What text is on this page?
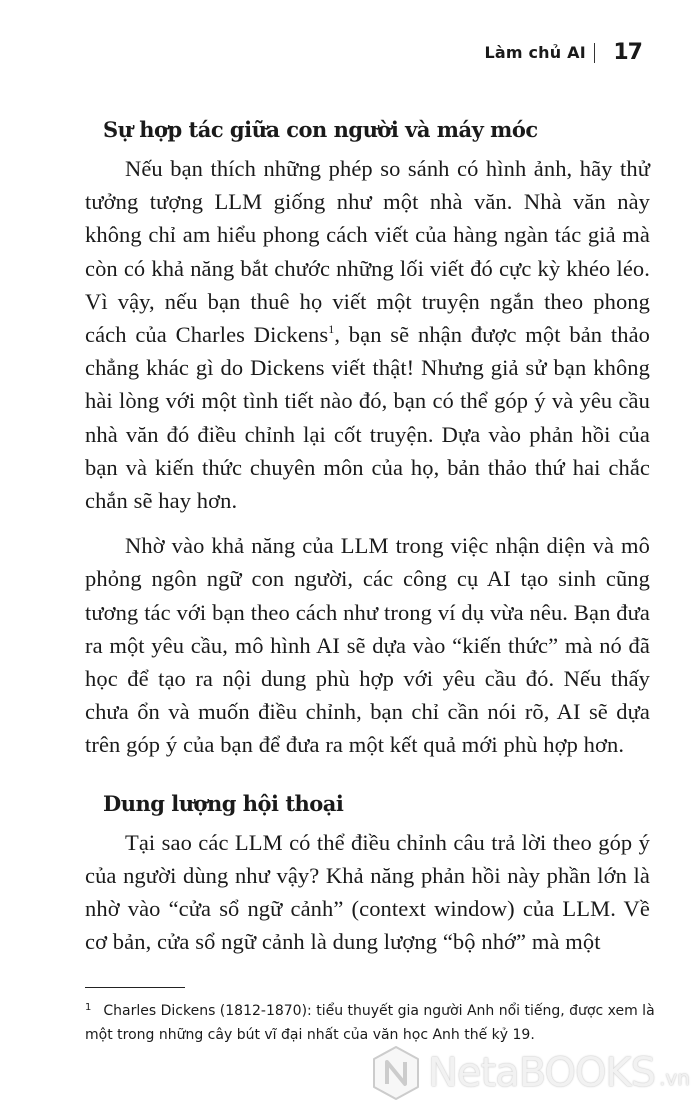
Làm chủ AI 17
Sự hợp tác giữa con người và máy móc

Nếu bạn thích những phép so sánh có hình ảnh, hãy thử tưởng tượng LLM giống như một nhà văn. Nhà văn này không chỉ am hiểu phong cách viết của hàng ngàn tác giả mà còn có khả năng bắt chước những lối viết đó cực kỳ khéo léo. Vì vậy, nếu bạn thuê họ viết một truyện ngắn theo phong cách của Charles Dickens$^1$, bạn sẽ nhận được một bản thảo chẳng khác gì do Dickens viết thật! Nhưng giả sử bạn không hài lòng với một tình tiết nào đó, bạn có thể góp ý và yêu cầu nhà văn đó điều chỉnh lại cốt truyện. Dựa vào phản hồi của bạn và kiến thức chuyên môn của họ, bản thảo thứ hai chắc chắn sẽ hay hơn.

Nhờ vào khả năng của LLM trong việc nhận diện và mô phỏng ngôn ngữ con người, các công cụ AI tạo sinh cũng tương tác với bạn theo cách như trong ví dụ vừa nêu. Bạn đưa ra một yêu cầu, mô hình AI sẽ dựa vào “kiến thức” mà nó đã học để tạo ra nội dung phù hợp với yêu cầu đó. Nếu thấy chưa ổn và muốn điều chỉnh, bạn chỉ cần nói rõ, AI sẽ dựa trên góp ý của bạn để đưa ra một kết quả mới phù hợp hơn.

Dung lượng hội thoại

Tại sao các LLM có thể điều chỉnh câu trả lời theo góp ý của người dùng như vậy? Khả năng phản hồi này phần lớn là nhờ vào “cửa sổ ngữ cảnh” (context window) của LLM. Về cơ bản, cửa sổ ngữ cảnh là dung lượng “bộ nhớ” mà một

$^1$ Charles Dickens (1812-1870): tiểu thuyết gia người Anh nổi tiếng, được xem là một trong những cây bút vĩ đại nhất của văn học Anh thế kỷ 19.
NetaBOOKS .vn
